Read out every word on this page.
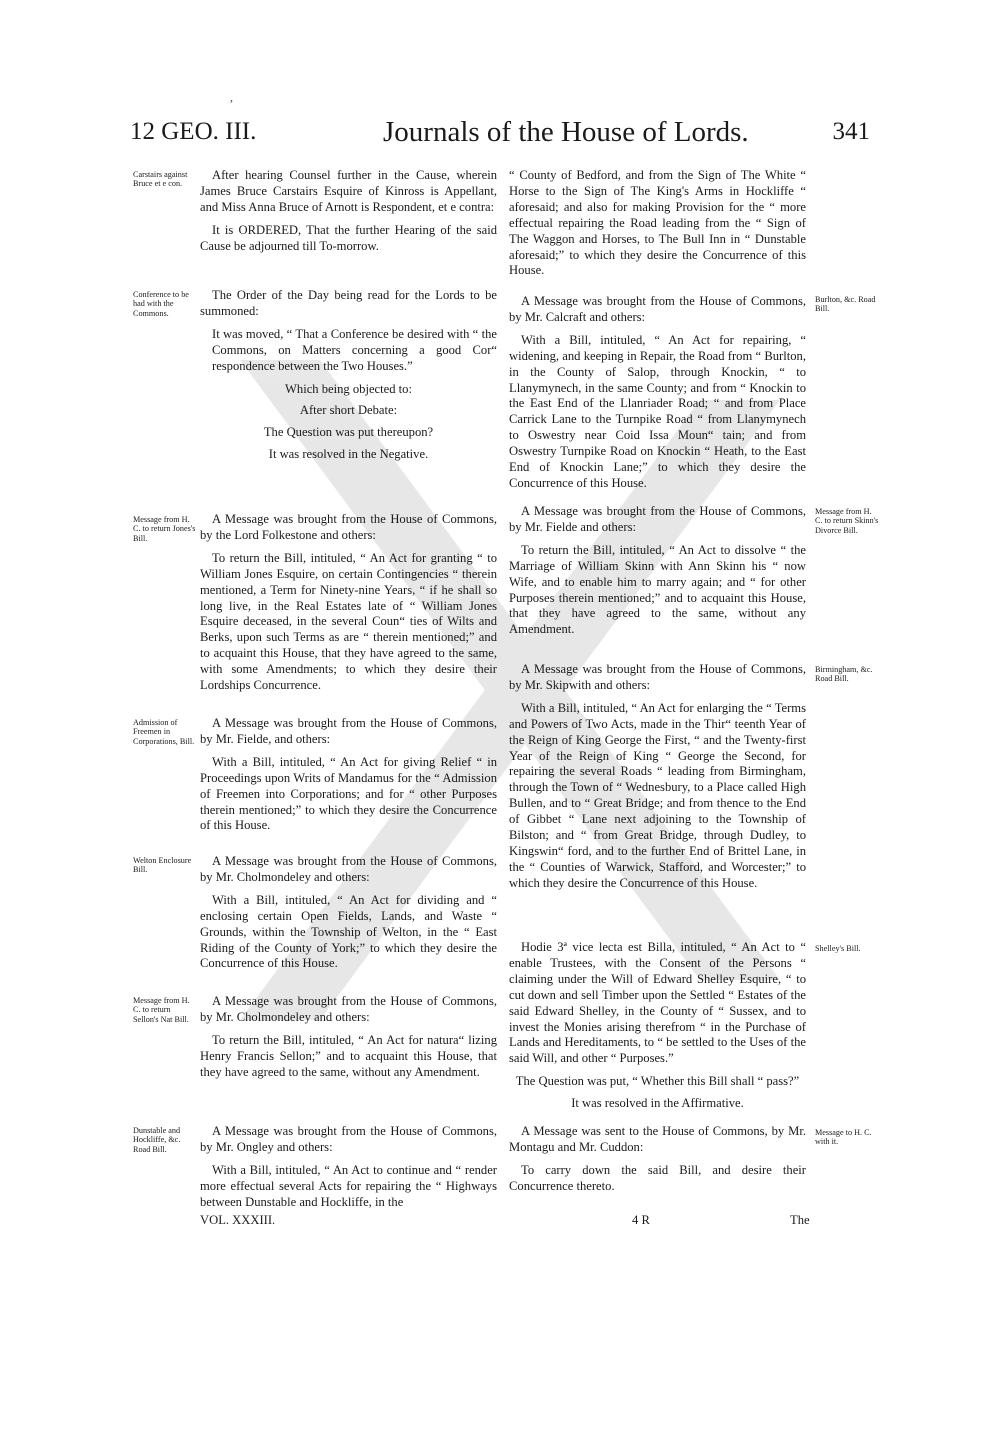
,
12 GEO. III.	Journals of the House of Lords.	341
Carstairs against Bruce et e con.
Conference to be had with the Commons.
Message from H. C. to return Jones's Bill.
Admission of Freemen in Corporations, Bill.
Welton Enclosure Bill.
Message from H. C. to return Sellon's Nat Bill.
Dunstable and Hockliffe, &c. Road Bill.
Burlton, &c. Road Bill.
Message from H. C. to return Skinn's Divorce Bill.
Birmingham, &c. Road Bill.
Shelley's Bill.
Message to H. C. with it.

After hearing Counsel further in the Cause, wherein James Bruce Carstairs Esquire of Kinross is Appellant, and Miss Anna Bruce of Arnott is Respondent, et e contra:

It is ORDERED, That the further Hearing of the said Cause be adjourned till To-morrow.

The Order of the Day being read for the Lords to be summoned:

It was moved, “ That a Conference be desired with “ the Commons, on Matters concerning a good Cor“ respondence between the Two Houses.”

Which being objected to:

After short Debate:

The Question was put thereupon?

It was resolved in the Negative.

A Message was brought from the House of Commons, by the Lord Folkestone and others:

To return the Bill, intituled, “ An Act for granting “ to William Jones Esquire, on certain Contingencies “ therein mentioned, a Term for Ninety-nine Years, “ if he shall so long live, in the Real Estates late of “ William Jones Esquire deceased, in the several Coun“ ties of Wilts and Berks, upon such Terms as are “ therein mentioned;” and to acquaint this House, that they have agreed to the same, with some Amendments; to which they desire their Lordships Concurrence.

A Message was brought from the House of Commons, by Mr. Fielde, and others:

With a Bill, intituled, “ An Act for giving Relief “ in Proceedings upon Writs of Mandamus for the “ Admission of Freemen into Corporations; and for “ other Purposes therein mentioned;” to which they desire the Concurrence of this House.

A Message was brought from the House of Commons, by Mr. Cholmondeley and others:

With a Bill, intituled, “ An Act for dividing and “ enclosing certain Open Fields, Lands, and Waste “ Grounds, within the Township of Welton, in the “ East Riding of the County of York;” to which they desire the Concurrence of this House.

A Message was brought from the House of Commons, by Mr. Cholmondeley and others:

To return the Bill, intituled, “ An Act for natura“ lizing Henry Francis Sellon;” and to acquaint this House, that they have agreed to the same, without any Amendment.

A Message was brought from the House of Commons, by Mr. Ongley and others:

With a Bill, intituled, “ An Act to continue and “ render more effectual several Acts for repairing the “ Highways between Dunstable and Hockliffe, in the

“ County of Bedford, and from the Sign of The White “ Horse to the Sign of The King's Arms in Hockliffe “ aforesaid; and also for making Provision for the “ more effectual repairing the Road leading from the “ Sign of The Waggon and Horses, to The Bull Inn in “ Dunstable aforesaid;” to which they desire the Concurrence of this House.

A Message was brought from the House of Commons, by Mr. Calcraft and others:

With a Bill, intituled, “ An Act for repairing, “ widening, and keeping in Repair, the Road from “ Burlton, in the County of Salop, through Knockin, “ to Llanymynech, in the same County; and from “ Knockin to the East End of the Llanriader Road; “ and from Place Carrick Lane to the Turnpike Road “ from Llanymynech to Oswestry near Coid Issa Moun“ tain; and from Oswestry Turnpike Road on Knockin “ Heath, to the East End of Knockin Lane;” to which they desire the Concurrence of this House.

A Message was brought from the House of Commons, by Mr. Fielde and others:

To return the Bill, intituled, “ An Act to dissolve “ the Marriage of William Skinn with Ann Skinn his “ now Wife, and to enable him to marry again; and “ for other Purposes therein mentioned;” and to acquaint this House, that they have agreed to the same, without any Amendment.

A Message was brought from the House of Commons, by Mr. Skipwith and others:

With a Bill, intituled, “ An Act for enlarging the “ Terms and Powers of Two Acts, made in the Thir“ teenth Year of the Reign of King George the First, “ and the Twenty-first Year of the Reign of King “ George the Second, for repairing the several Roads “ leading from Birmingham, through the Town of “ Wednesbury, to a Place called High Bullen, and to “ Great Bridge; and from thence to the End of Gibbet “ Lane next adjoining to the Township of Bilston; and “ from Great Bridge, through Dudley, to Kingswin“ ford, and to the further End of Brittel Lane, in the “ Counties of Warwick, Stafford, and Worcester;” to which they desire the Concurrence of this House.

Hodie 3ª vice lecta est Billa, intituled, “ An Act to “ enable Trustees, with the Consent of the Persons “ claiming under the Will of Edward Shelley Esquire, “ to cut down and sell Timber upon the Settled “ Estates of the said Edward Shelley, in the County of “ Sussex, and to invest the Monies arising therefrom “ in the Purchase of Lands and Hereditaments, to “ be settled to the Uses of the said Will, and other “ Purposes.”

The Question was put, “ Whether this Bill shall “ pass?”

It was resolved in the Affirmative.

A Message was sent to the House of Commons, by Mr. Montagu and Mr. Cuddon:

To carry down the said Bill, and desire their Concurrence thereto.

VOL. XXXIII.	4 R	The
